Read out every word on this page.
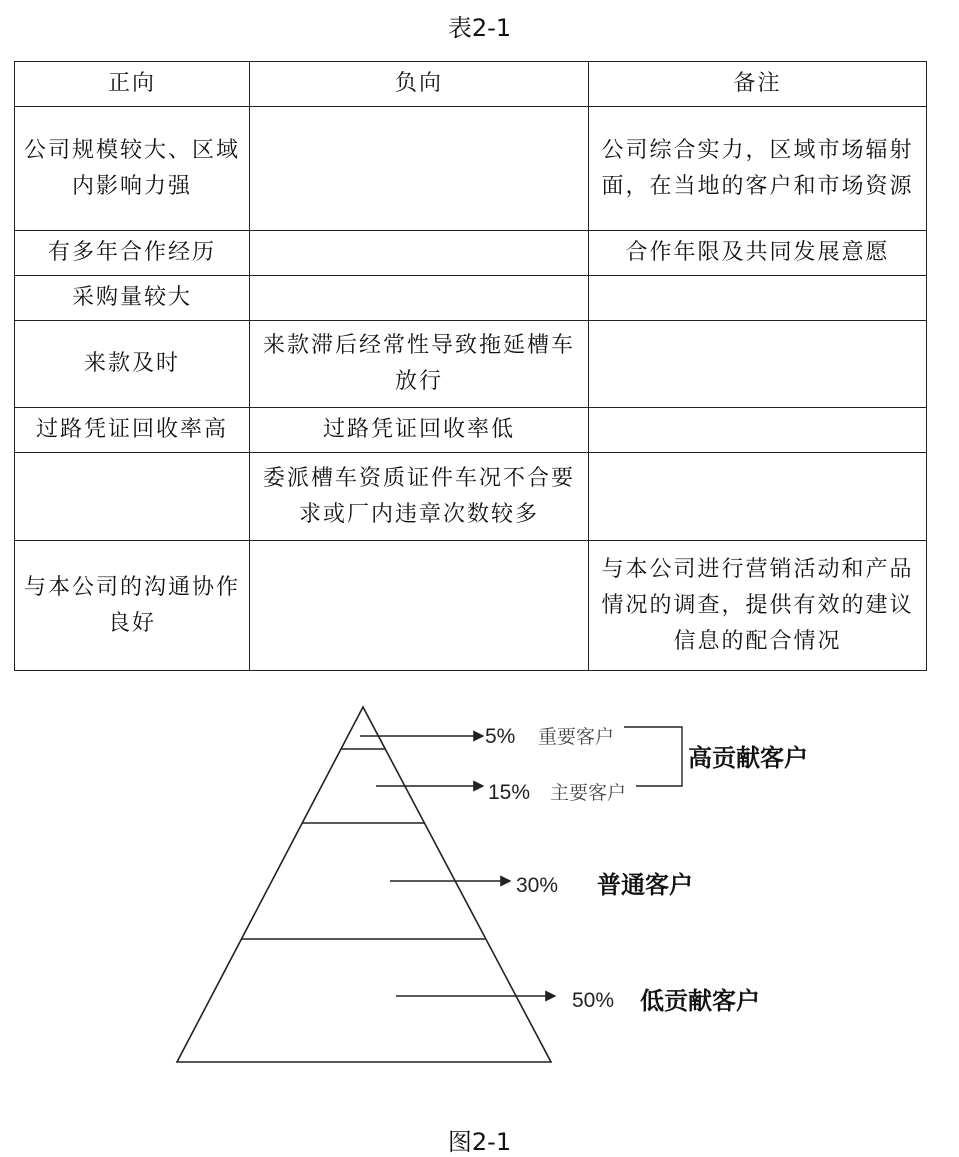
表2-1
正向	负向	备注
公司规模较大、区域内影响力强		公司综合实力，区域市场辐射面，在当地的客户和市场资源
有多年合作经历		合作年限及共同发展意愿
采购量较大		
来款及时	来款滞后经常性导致拖延槽车放行	
过路凭证回收率高	过路凭证回收率低	
	委派槽车资质证件车况不合要求或厂内违章次数较多	
与本公司的沟通协作良好		与本公司进行营销活动和产品情况的调查，提供有效的建议信息的配合情况
5% 重要客户
15% 主要客户
高贡献客户
30% 普通客户
50% 低贡献客户
图2-1
